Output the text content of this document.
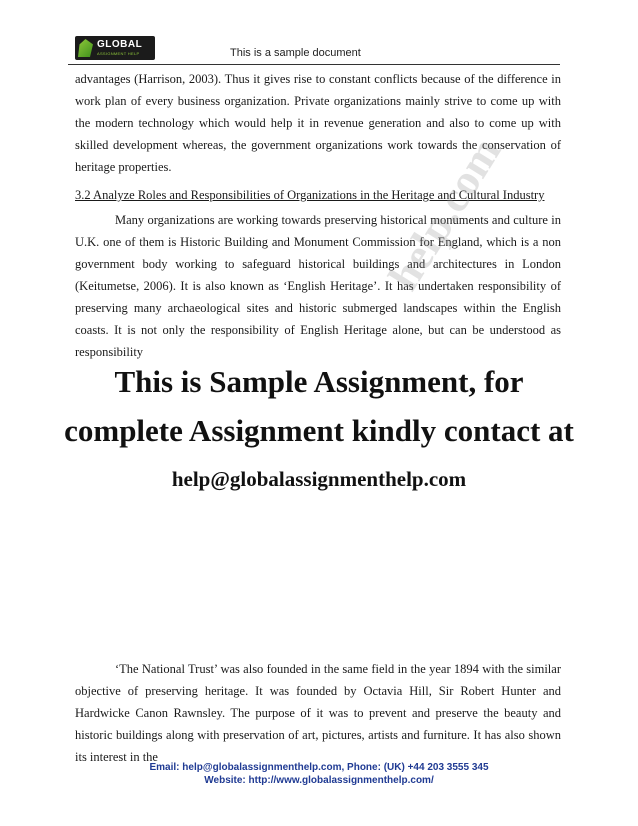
GLOBAL
ASSIGNMENT HELP	This is a sample document

advantages (Harrison, 2003). Thus it gives rise to constant conflicts because of the difference in work plan of every business organization. Private organizations mainly strive to come up with the modern technology which would help it in revenue generation and also to come up with skilled development whereas, the government organizations work towards the conservation of heritage properties.

3.2 Analyze Roles and Responsibilities of Organizations in the Heritage and Cultural Industry

Many organizations are working towards preserving historical monuments and culture in U.K. one of them is Historic Building and Monument Commission for England, which is a non government body working to safeguard historical buildings and architectures in London (Keitumetse, 2006). It is also known as ‘English Heritage’. It has undertaken responsibility of preserving many archaeological sites and historic submerged landscapes within the English coasts. It is not only the responsibility of English Heritage alone, but can be understood as responsibility

help.com

This is Sample Assignment, for

complete Assignment kindly contact at

help@globalassignmenthelp.com

‘The National Trust’ was also founded in the same field in the year 1894 with the similar objective of preserving heritage. It was founded by Octavia Hill, Sir Robert Hunter and Hardwicke Canon Rawnsley. The purpose of it was to prevent and preserve the beauty and historic buildings along with preservation of art, pictures, artists and furniture. It has also shown its interest in the

Email: help@globalassignmenthelp.com, Phone: (UK) +44 203 3555 345

Website: http://www.globalassignmenthelp.com/
